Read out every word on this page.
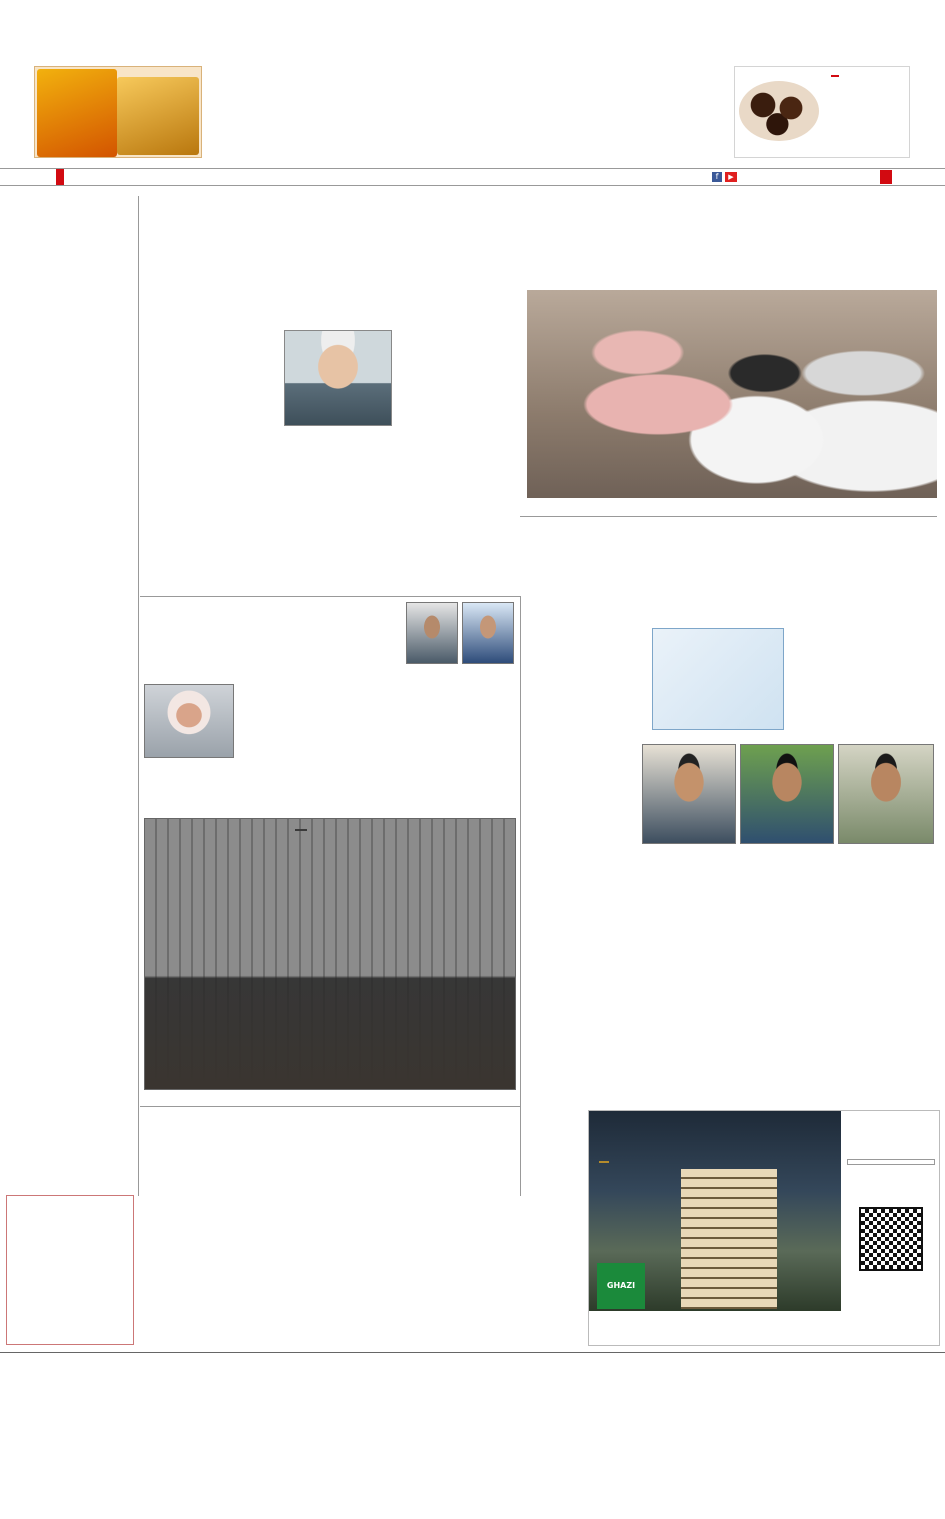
f	▶
GHAZI
